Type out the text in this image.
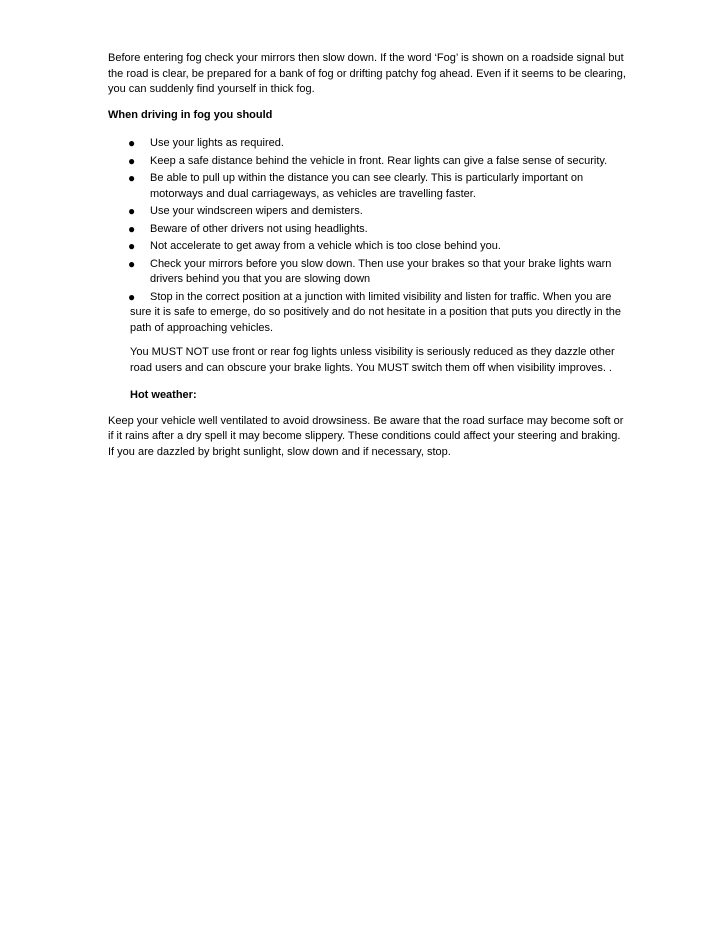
Before entering fog check your mirrors then slow down. If the word ‘Fog’ is shown on a roadside signal but the road is clear, be prepared for a bank of fog or drifting patchy fog ahead. Even if it seems to be clearing, you can suddenly find yourself in thick fog.

When driving in fog you should

● Use your lights as required.
● Keep a safe distance behind the vehicle in front. Rear lights can give a false sense of security.
● Be able to pull up within the distance you can see clearly. This is particularly important on motorways and dual carriageways, as vehicles are travelling faster.
● Use your windscreen wipers and demisters.
● Beware of other drivers not using headlights.
● Not accelerate to get away from a vehicle which is too close behind you.
● Check your mirrors before you slow down. Then use your brakes so that your brake lights warn drivers behind you that you are slowing down

● Stop in the correct position at a junction with limited visibility and listen for traffic. When you are sure it is safe to emerge, do so positively and do not hesitate in a position that puts you directly in the path of approaching vehicles.

You MUST NOT use front or rear fog lights unless visibility is seriously reduced as they dazzle other road users and can obscure your brake lights. You MUST switch them off when visibility improves. .

Hot weather:

Keep your vehicle well ventilated to avoid drowsiness. Be aware that the road surface may become soft or if it rains after a dry spell it may become slippery. These conditions could affect your steering and braking. If you are dazzled by bright sunlight, slow down and if necessary, stop.
